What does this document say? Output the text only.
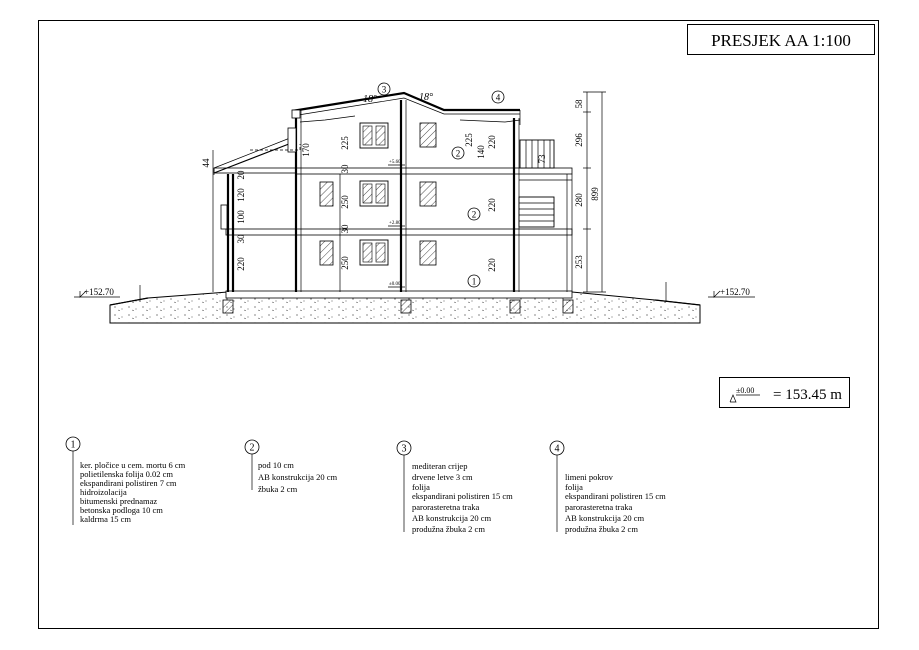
PRESJEK AA 1:100
±0.00
+2.80
+5.60
18°	18°
3
4
2
2
1
58
296
280
253
899
44
20
120
100
30
220
170
225
250
250
30
30
225
140
220
220
220
73
+152.70	+152.70
±0.00 = 153.45 m
1
ker. pločice u cem. mortu 6 cm
polietilenska folija 0.02 cm
ekspandirani polistiren 7 cm
hidroizolacija
bitumenski prednamaz
betonska podloga 10 cm
kaldrma 15 cm
2
pod 10 cm
AB konstrukcija 20 cm
žbuka 2 cm
3
mediteran crijep
drvene letve 3 cm
folija
ekspandirani polistiren 15 cm
parorasteretna traka
AB konstrukcija 20 cm
produžna žbuka 2 cm
4
limeni pokrov
folija
ekspandirani polistiren 15 cm
parorasteretna traka
AB konstrukcija 20 cm
produžna žbuka 2 cm
